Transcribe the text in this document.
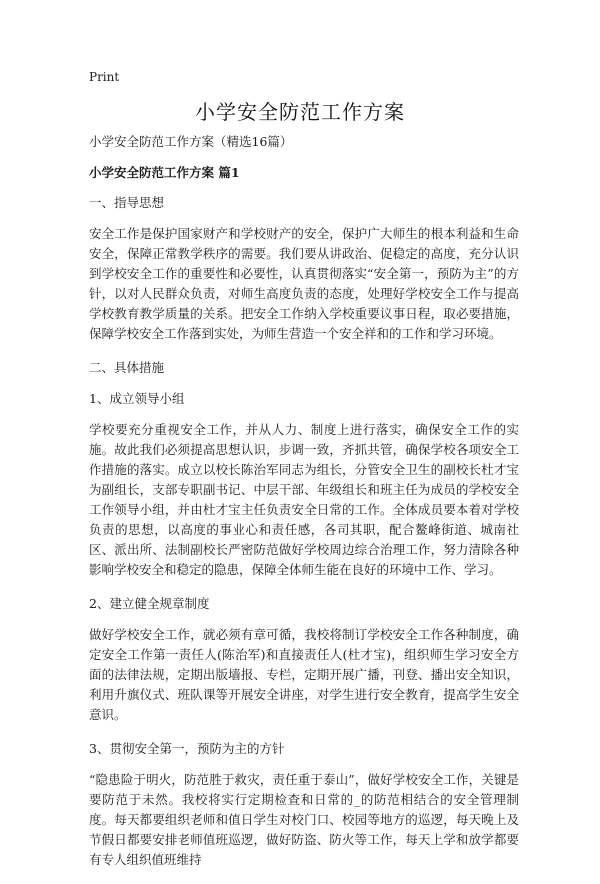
Print
小学安全防范工作方案

小学安全防范工作方案（精选16篇）

小学安全防范工作方案 篇1

一、指导思想

安全工作是保护国家财产和学校财产的安全，保护广大师生的根本利益和生命安全，保障正常教学秩序的需要。我们要从讲政治、促稳定的高度，充分认识到学校安全工作的重要性和必要性，认真贯彻落实“安全第一，预防为主”的方针，以对人民群众负责，对师生高度负责的态度，处理好学校安全工作与提高学校教育教学质量的关系。把安全工作纳入学校重要议事日程，取必要措施，保障学校安全工作落到实处，为师生营造一个安全祥和的工作和学习环境。

二、具体措施

1、成立领导小组

学校要充分重视安全工作，并从人力、制度上进行落实，确保安全工作的实施。故此我们必须提高思想认识，步调一致，齐抓共管，确保学校各项安全工作措施的落实。成立以校长陈治军同志为组长，分管安全卫生的副校长杜才宝为副组长，支部专职副书记、中层干部、年级组长和班主任为成员的学校安全工作领导小组，并由杜才宝主任负责安全日常的工作。全体成员要本着对学校负责的思想，以高度的事业心和责任感，各司其职，配合鳌峰街道、城南社区、派出所、法制副校长严密防范做好学校周边综合治理工作，努力清除各种影响学校安全和稳定的隐患，保障全体师生能在良好的环境中工作、学习。

2、建立健全规章制度

做好学校安全工作，就必须有章可循，我校将制订学校安全工作各种制度，确定安全工作第一责任人(陈治军)和直接责任人(杜才宝)，组织师生学习安全方面的法律法规，定期出版墙报、专栏，定期开展广播，刊登、播出安全知识，利用升旗仪式、班队课等开展安全讲座，对学生进行安全教育，提高学生安全意识。

3、贯彻安全第一，预防为主的方针

“隐患险于明火，防范胜于救灾，责任重于泰山”，做好学校安全工作，关键是要防范于未然。我校将实行定期检查和日常的_的防范相结合的安全管理制度。每天都要组织老师和值日学生对校门口、校园等地方的巡逻，每天晚上及节假日都要安排老师值班巡逻，做好防盗、防火等工作，每天上学和放学都要有专人组织值班维持
